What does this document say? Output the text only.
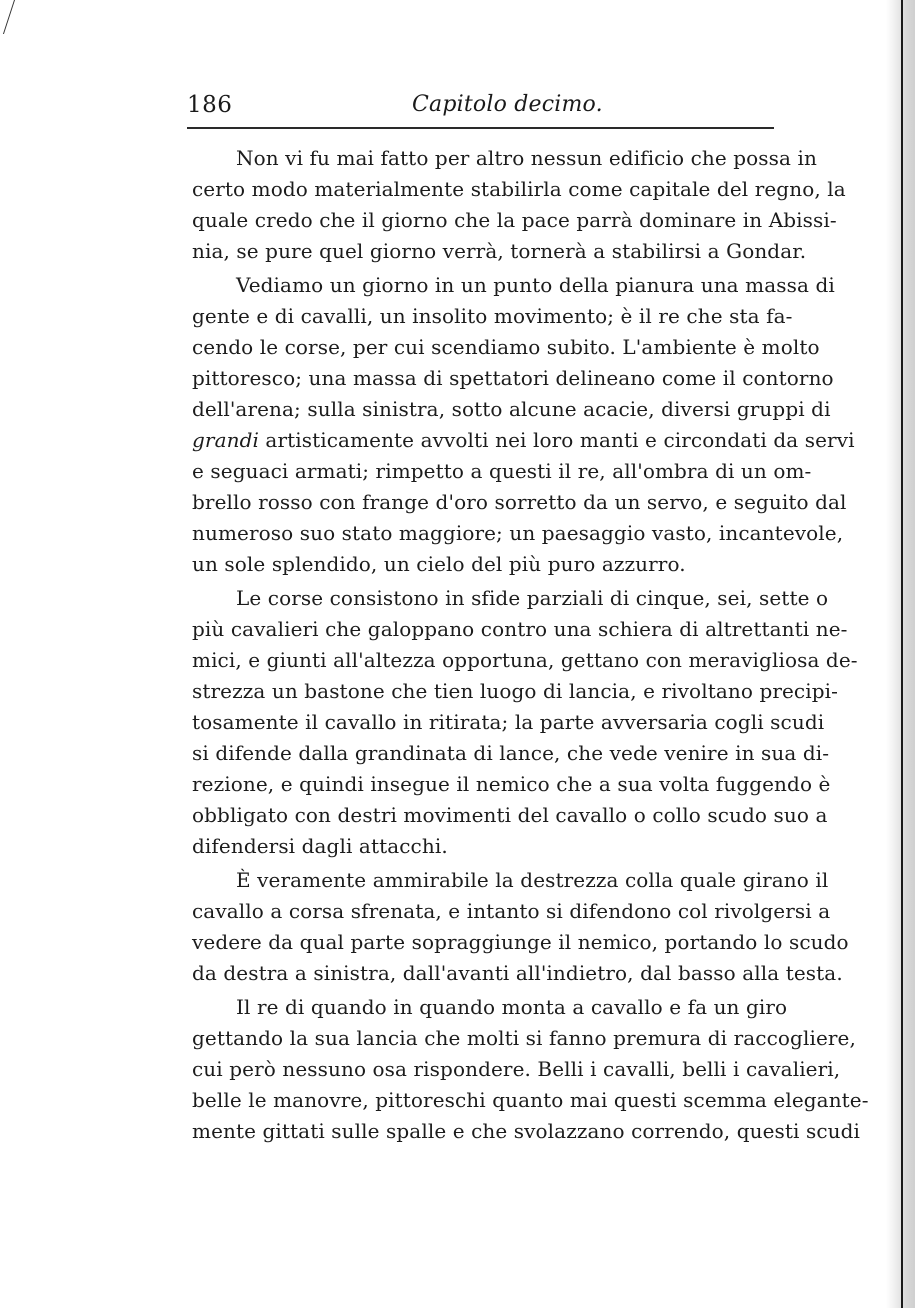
186	Capitolo decimo.
Non vi fu mai fatto per altro nessun edificio che possa in
certo modo materialmente stabilirla come capitale del regno, la
quale credo che il giorno che la pace parrà dominare in Abissi-
nia, se pure quel giorno verrà, tornerà a stabilirsi a Gondar.
Vediamo un giorno in un punto della pianura una massa di
gente e di cavalli, un insolito movimento; è il re che sta fa-
cendo le corse, per cui scendiamo subito. L'ambiente è molto
pittoresco; una massa di spettatori delineano come il contorno
dell'arena; sulla sinistra, sotto alcune acacie, diversi gruppi di
grandi artisticamente avvolti nei loro manti e circondati da servi
e seguaci armati; rimpetto a questi il re, all'ombra di un om-
brello rosso con frange d'oro sorretto da un servo, e seguito dal
numeroso suo stato maggiore; un paesaggio vasto, incantevole,
un sole splendido, un cielo del più puro azzurro.
Le corse consistono in sfide parziali di cinque, sei, sette o
più cavalieri che galoppano contro una schiera di altrettanti ne-
mici, e giunti all'altezza opportuna, gettano con meravigliosa de-
strezza un bastone che tien luogo di lancia, e rivoltano precipi-
tosamente il cavallo in ritirata; la parte avversaria cogli scudi
si difende dalla grandinata di lance, che vede venire in sua di-
rezione, e quindi insegue il nemico che a sua volta fuggendo è
obbligato con destri movimenti del cavallo o collo scudo suo a
difendersi dagli attacchi.
È veramente ammirabile la destrezza colla quale girano il
cavallo a corsa sfrenata, e intanto si difendono col rivolgersi a
vedere da qual parte sopraggiunge il nemico, portando lo scudo
da destra a sinistra, dall'avanti all'indietro, dal basso alla testa.
Il re di quando in quando monta a cavallo e fa un giro
gettando la sua lancia che molti si fanno premura di raccogliere,
cui però nessuno osa rispondere. Belli i cavalli, belli i cavalieri,
belle le manovre, pittoreschi quanto mai questi scemma elegante-
mente gittati sulle spalle e che svolazzano correndo, questi scudi
